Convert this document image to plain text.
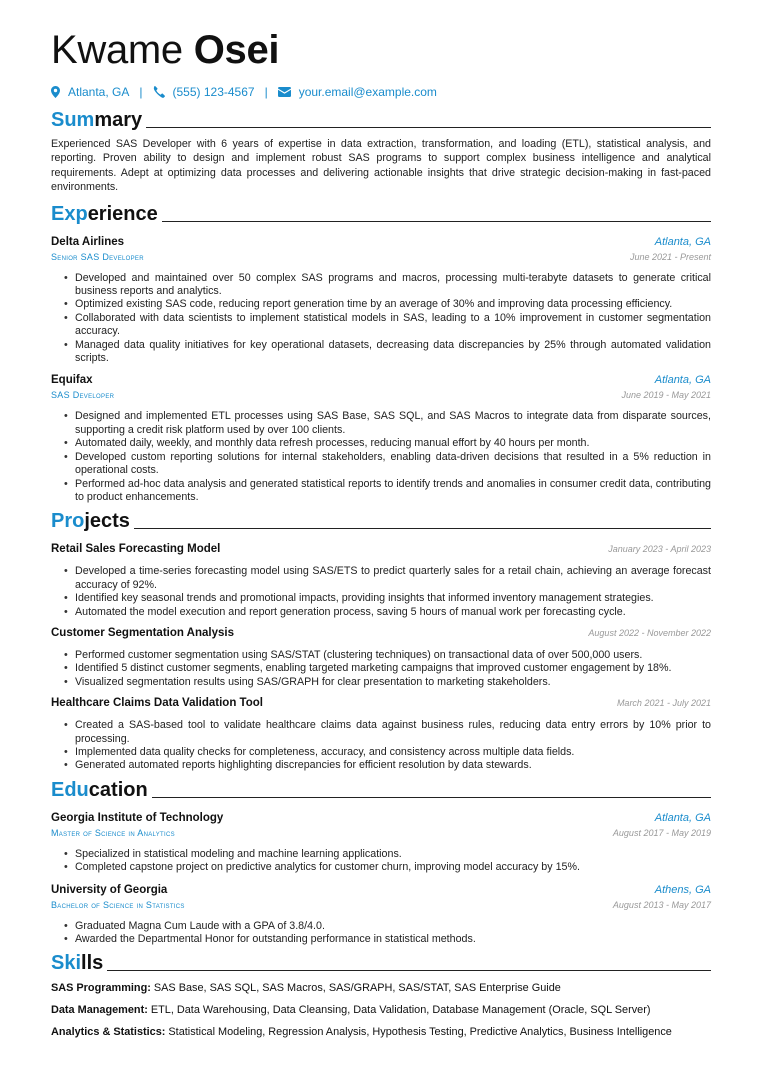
Kwame Osei
Atlanta, GA |	(555) 123-4567 |	your.email@example.com
Summary

Experienced SAS Developer with 6 years of expertise in data extraction, transformation, and loading (ETL), statistical analysis, and reporting. Proven ability to design and implement robust SAS programs to support complex business intelligence and analytical requirements. Adept at optimizing data processes and delivering actionable insights that drive strategic decision-making in fast-paced environments.

Experience
Delta Airlines	Atlanta, GA
Senior SAS Developer	June 2021 - Present
• Developed and maintained over 50 complex SAS programs and macros, processing multi-terabyte datasets to generate critical business reports and analytics.
• Optimized existing SAS code, reducing report generation time by an average of 30% and improving data processing efficiency.
• Collaborated with data scientists to implement statistical models in SAS, leading to a 10% improvement in customer segmentation accuracy.
• Managed data quality initiatives for key operational datasets, decreasing data discrepancies by 25% through automated validation scripts.
Equifax	Atlanta, GA
SAS Developer	June 2019 - May 2021
• Designed and implemented ETL processes using SAS Base, SAS SQL, and SAS Macros to integrate data from disparate sources, supporting a credit risk platform used by over 100 clients.
• Automated daily, weekly, and monthly data refresh processes, reducing manual effort by 40 hours per month.
• Developed custom reporting solutions for internal stakeholders, enabling data-driven decisions that resulted in a 5% reduction in operational costs.
• Performed ad-hoc data analysis and generated statistical reports to identify trends and anomalies in consumer credit data, contributing to product enhancements.
Projects
Retail Sales Forecasting Model	January 2023 - April 2023
• Developed a time-series forecasting model using SAS/ETS to predict quarterly sales for a retail chain, achieving an average forecast accuracy of 92%.
• Identified key seasonal trends and promotional impacts, providing insights that informed inventory management strategies.
• Automated the model execution and report generation process, saving 5 hours of manual work per forecasting cycle.
Customer Segmentation Analysis	August 2022 - November 2022
• Performed customer segmentation using SAS/STAT (clustering techniques) on transactional data of over 500,000 users.
• Identified 5 distinct customer segments, enabling targeted marketing campaigns that improved customer engagement by 18%.
• Visualized segmentation results using SAS/GRAPH for clear presentation to marketing stakeholders.
Healthcare Claims Data Validation Tool	March 2021 - July 2021
• Created a SAS-based tool to validate healthcare claims data against business rules, reducing data entry errors by 10% prior to processing.
• Implemented data quality checks for completeness, accuracy, and consistency across multiple data fields.
• Generated automated reports highlighting discrepancies for efficient resolution by data stewards.
Education
Georgia Institute of Technology	Atlanta, GA
Master of Science in Analytics	August 2017 - May 2019
• Specialized in statistical modeling and machine learning applications.
• Completed capstone project on predictive analytics for customer churn, improving model accuracy by 15%.
University of Georgia	Athens, GA
Bachelor of Science in Statistics	August 2013 - May 2017
• Graduated Magna Cum Laude with a GPA of 3.8/4.0.
• Awarded the Departmental Honor for outstanding performance in statistical methods.
Skills
SAS Programming: SAS Base, SAS SQL, SAS Macros, SAS/GRAPH, SAS/STAT, SAS Enterprise Guide
Data Management: ETL, Data Warehousing, Data Cleansing, Data Validation, Database Management (Oracle, SQL Server)
Analytics & Statistics: Statistical Modeling, Regression Analysis, Hypothesis Testing, Predictive Analytics, Business Intelligence
